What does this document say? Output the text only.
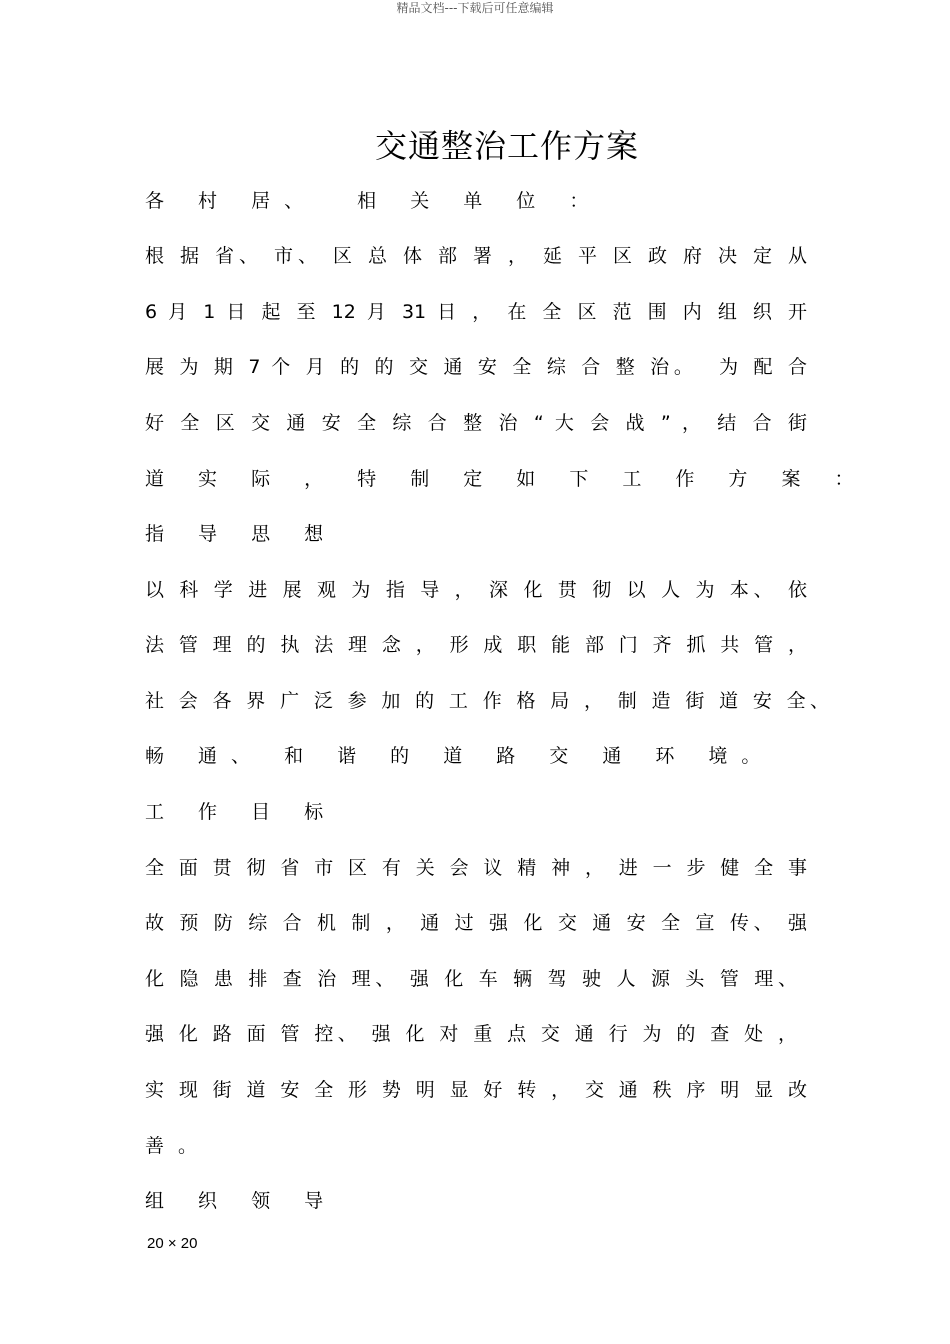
精品文档---下载后可任意编辑
交通整治工作方案
各 村 居、  相 关 单 位 ：
根 据 省、 市、 区 总 体 部 署 ， 延 平 区 政 府 决 定 从
6 月 1 日 起 至 12 月 31 日 ， 在 全 区 范 围 内 组 织 开
展 为 期 7 个 月 的 的 交 通 安 全 综 合 整 治。  为 配 合
好 全 区 交 通 安 全 综 合 整 治 “ 大 会 战 ” ， 结 合 街
道 实 际 ， 特 制 定 如 下 工 作 方 案 ：
指 导 思 想
以 科 学 进 展 观 为 指 导 ， 深 化 贯 彻 以 人 为 本、 依
法 管 理 的 执 法 理 念 ， 形 成 职 能 部 门 齐 抓 共 管 ，
社 会 各 界 广 泛 参 加 的 工 作 格 局 ， 制 造 街 道 安 全、
畅 通、 和 谐 的 道 路 交 通 环 境。
工 作 目 标
全 面 贯 彻 省 市 区 有 关 会 议 精 神 ， 进 一 步 健 全 事
故 预 防 综 合 机 制 ， 通 过 强 化 交 通 安 全 宣 传、 强
化 隐 患 排 查 治 理、 强 化 车 辆 驾 驶 人 源 头 管 理、
强 化 路 面 管 控、 强 化 对 重 点 交 通 行 为 的 查 处 ，
实 现 街 道 安 全 形 势 明 显 好 转 ， 交 通 秩 序 明 显 改
善。
组 织 领 导
20 × 20
